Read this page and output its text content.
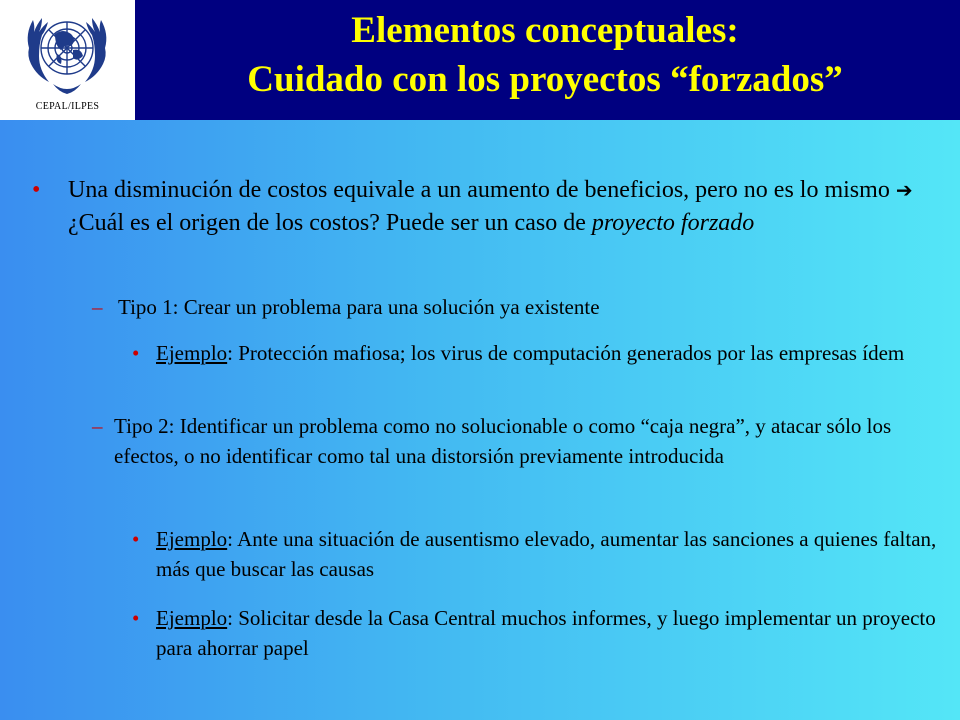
CEPAL/ILPES
Elementos conceptuales:
Cuidado con los proyectos “forzados”
• Una disminución de costos equivale a un aumento de beneficios, pero no es lo mismo ➔ ¿Cuál es el origen de los costos? Puede ser un caso de proyecto forzado
– Tipo 1: Crear un problema para una solución ya existente
• Ejemplo: Protección mafiosa; los virus de computación generados por las empresas ídem
– Tipo 2: Identificar un problema como no solucionable o como “caja negra”, y atacar sólo los efectos, o no identificar como tal una distorsión previamente introducida
• Ejemplo: Ante una situación de ausentismo elevado, aumentar las sanciones a quienes faltan, más que buscar las causas
• Ejemplo: Solicitar desde la Casa Central muchos informes, y luego implementar un proyecto para ahorrar papel
